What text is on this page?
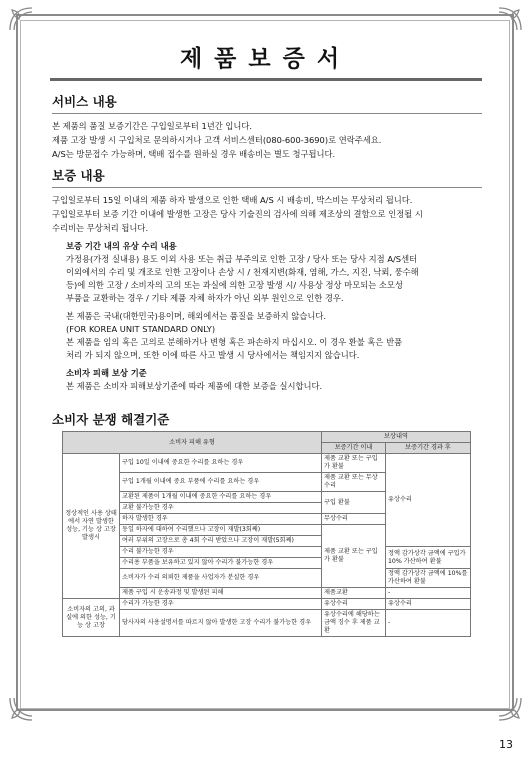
제품보증서
서비스 내용

본 제품의 품질 보증기간은 구입일로부터 1년간 입니다.

제품 고장 발생 시 구입처로 문의하시거나 고객 서비스센터(080-600-3690)로 연락주세요.

A/S는 방문접수 가능하며, 택배 접수를 원하실 경우 배송비는 별도 청구됩니다.

보증 내용

구입일로부터 15일 이내의 제품 하자 발생으로 인한 택배 A/S 시 배송비, 박스비는 무상처리 됩니다.

구입일로부터 보증 기간 이내에 발생한 고장은 당사 기술진의 검사에 의해 제조상의 결함으로 인정될 시

수리비는 무상처리 됩니다.

보증 기간 내의 유상 수리 내용

가정용(가정 실내용) 용도 이외 사용 또는 취급 부주의로 인한 고장 / 당사 또는 당사 지점 A/S센터

이외에서의 수리 및 개조로 인한 고장이나 손상 시 / 천재지변(화재, 염해, 가스, 지진, 낙뢰, 풍수해

등)에 의한 고장 / 소비자의 고의 또는 과실에 의한 고장 발생 시/ 사용상 정상 마모되는 소모성

부품을 교환하는 경우 / 기타 제품 자체 하자가 아닌 외부 원인으로 인한 경우.

본 제품은 국내(대한민국)용이며, 해외에서는 품질을 보증하지 않습니다.

(FOR KOREA UNIT STANDARD ONLY)

본 제품을 임의 혹은 고의로 분해하거나 변형 혹은 파손하지 마십시오. 이 경우 환불 혹은 반품

처리 가 되지 않으며, 또한 이에 따른 사고 발생 시 당사에서는 책임지지 않습니다.

소비자 피해 보상 기준

본 제품은 소비자 피해보상기준에 따라 제품에 대한 보증을 실시합니다.

소비자 분쟁 해결기준
소비자 피해 유형		보상내역	
		보증기간 이내	보증기간 경과 후
정상적인 사용 상태에서 자연 발생한 성능, 기능 상 고장 발생시	구입 10일 이내에 중요한 수리를 요하는 경우	제품 교환 또는 구입가 환불	유상수리
	구입 1개월 이내에 중요 부품에 수리를 요하는 경우	제품 교환 또는 무상수리	
	교환된 제품이 1개월 이내에 중요한 수리를 요하는 경우	구입 환불	
	교환 불가능한 경우		
	하자 발생한 경우	무상수리	
	동일 하자에 대하여 수리했으나 고장이 재발(3회째)	제품 교환 또는 구입가 환불	
	여러 부위의 고장으로 총 4회 수리 받았으나 고장이 재발(5회째)		
	수리 불가능한 경우		정액 감가상각 금액에 구입가 10% 가산하여 환불
	수리용 부품을 보유하고 있지 않아 수리가 불가능한 경우		
	소비자가 수리 의뢰한 제품을 사업자가 분실한 경우		정액 감가상각 금액에 10%를 가산하여 환불
	제품 구입 시 운송과정 및 발생된 피해	제품교환	-
소비자의 고의, 과실에 의한 성능, 기능 상 고장	수리가 가능한 경우	유상수리	유상수리
	당사자의 사용설명서를 따르지 않아 발생한 고장 수리가 불가능한 경우	유상수리에 해당하는 금액 징수 후 제품 교환	-
13
